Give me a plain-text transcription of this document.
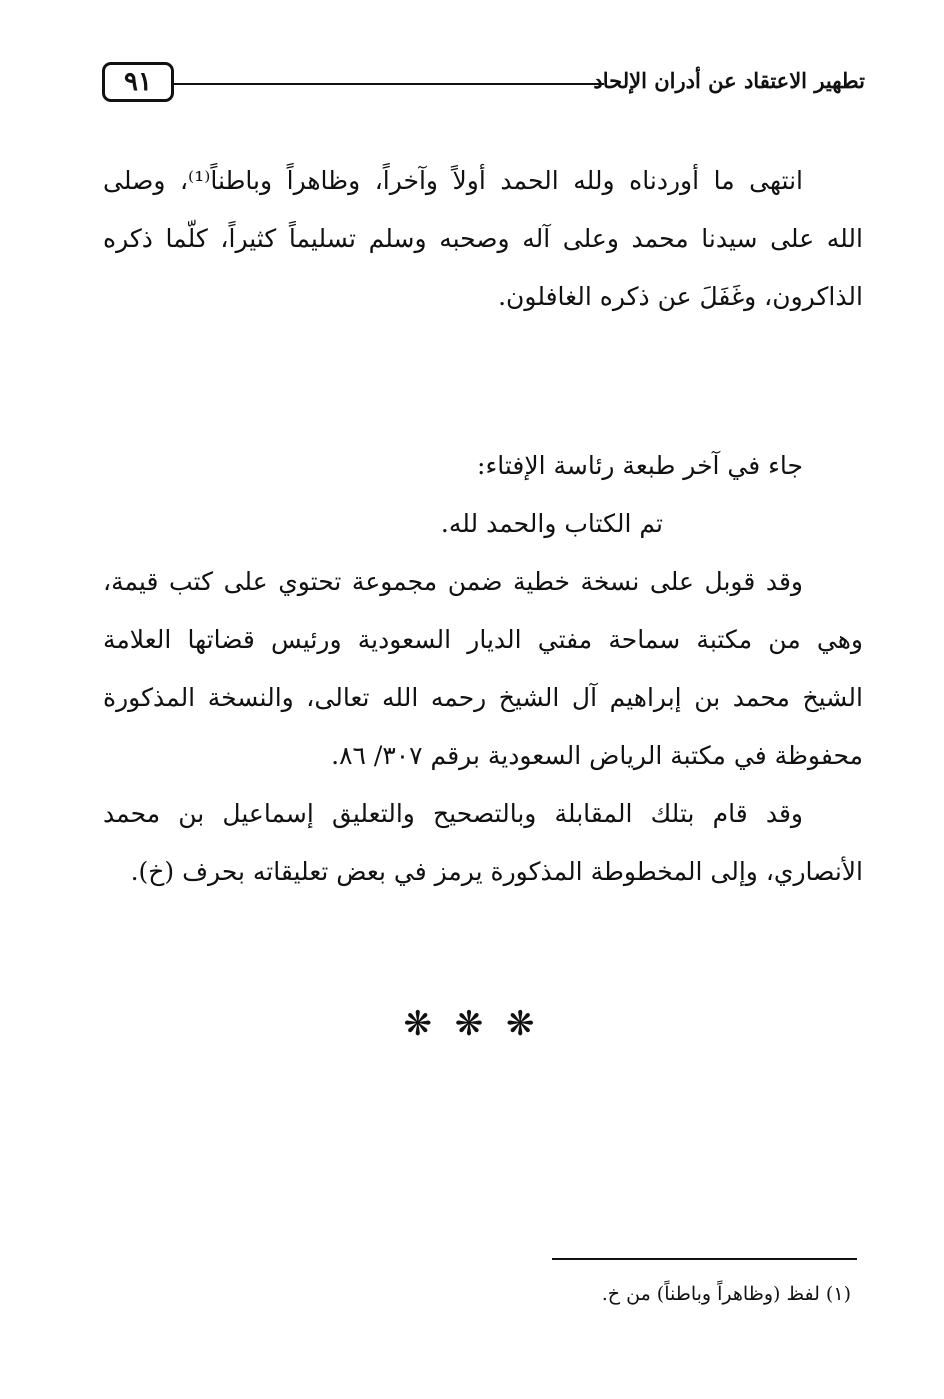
٩١	تطهير الاعتقاد عن أدران الإلحاد
انتهى ما أوردناه ولله الحمد أولاً وآخراً، وظاهراً وباطناً⁽¹⁾، وصلى
الله على سيدنا محمد وعلى آله وصحبه وسلم تسليماً كثيراً، كلّما ذكره
الذاكرون، وغَفَلَ عن ذكره الغافلون.
جاء في آخر طبعة رئاسة الإفتاء:
تم الكتاب والحمد لله.
وقد قوبل على نسخة خطية ضمن مجموعة تحتوي على كتب قيمة،
وهي من مكتبة سماحة مفتي الديار السعودية ورئيس قضاتها العلامة
الشيخ محمد بن إبراهيم آل الشيخ رحمه الله تعالى، والنسخة المذكورة
محفوظة في مكتبة الرياض السعودية برقم ٣٠٧/ ٨٦.
وقد قام بتلك المقابلة وبالتصحيح والتعليق إسماعيل بن محمد
الأنصاري، وإلى المخطوطة المذكورة يرمز في بعض تعليقاته بحرف (خ).
❋ ❋ ❋
(١) لفظ (وظاهراً وباطناً) من خ.
